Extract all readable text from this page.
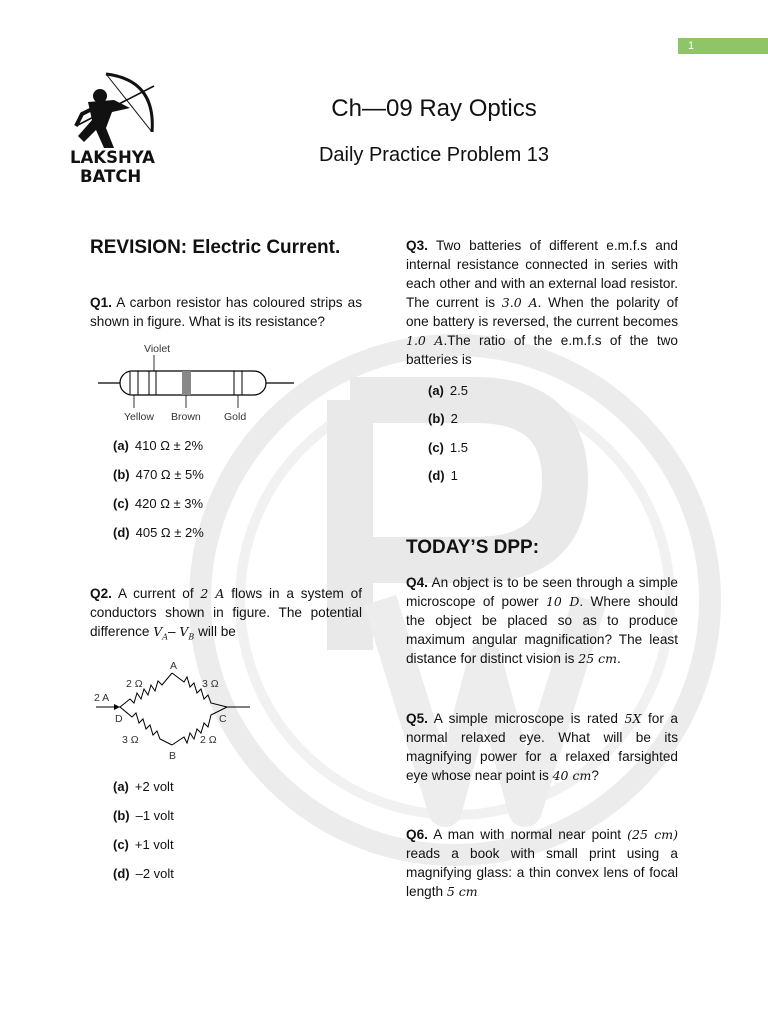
1
LAKSHYA
BATCH
Ch—09 Ray Optics
Daily Practice Problem 13
REVISION: Electric Current.
Q1. A carbon resistor has coloured strips as shown in figure. What is its resistance?
Violet
Yellow Brown Gold
(a) 410 Ω ± 2%
(b) 470 Ω ± 5%
(c) 420 Ω ± 3%
(d) 405 Ω ± 2%
Q2. A current of 2 A flows in a system of conductors shown in figure. The potential difference $V_A-$ $V_B$ will be
A
B
C
D
2 A
2 Ω	3 Ω
3 Ω	2 Ω
(a) +2 volt
(b) –1 volt
(c) +1 volt
(d) –2 volt
Q3. Two batteries of different e.m.f.s and internal resistance connected in series with each other and with an external load resistor. The current is 3.0 A. When the polarity of one battery is reversed, the current becomes 1.0 A.The ratio of the e.m.f.s of the two batteries is
(a) 2.5
(b) 2
(c) 1.5
(d) 1
TODAY’S DPP:
Q4. An object is to be seen through a simple microscope of power 10 D. Where should the object be placed so as to produce maximum angular magnification? The least distance for distinct vision is 25 cm.
Q5. A simple microscope is rated 5X for a normal relaxed eye. What will be its magnifying power for a relaxed farsighted eye whose near point is 40 cm?
Q6. A man with normal near point (25 cm) reads a book with small print using a magnifying glass: a thin convex lens of focal length 5 cm
